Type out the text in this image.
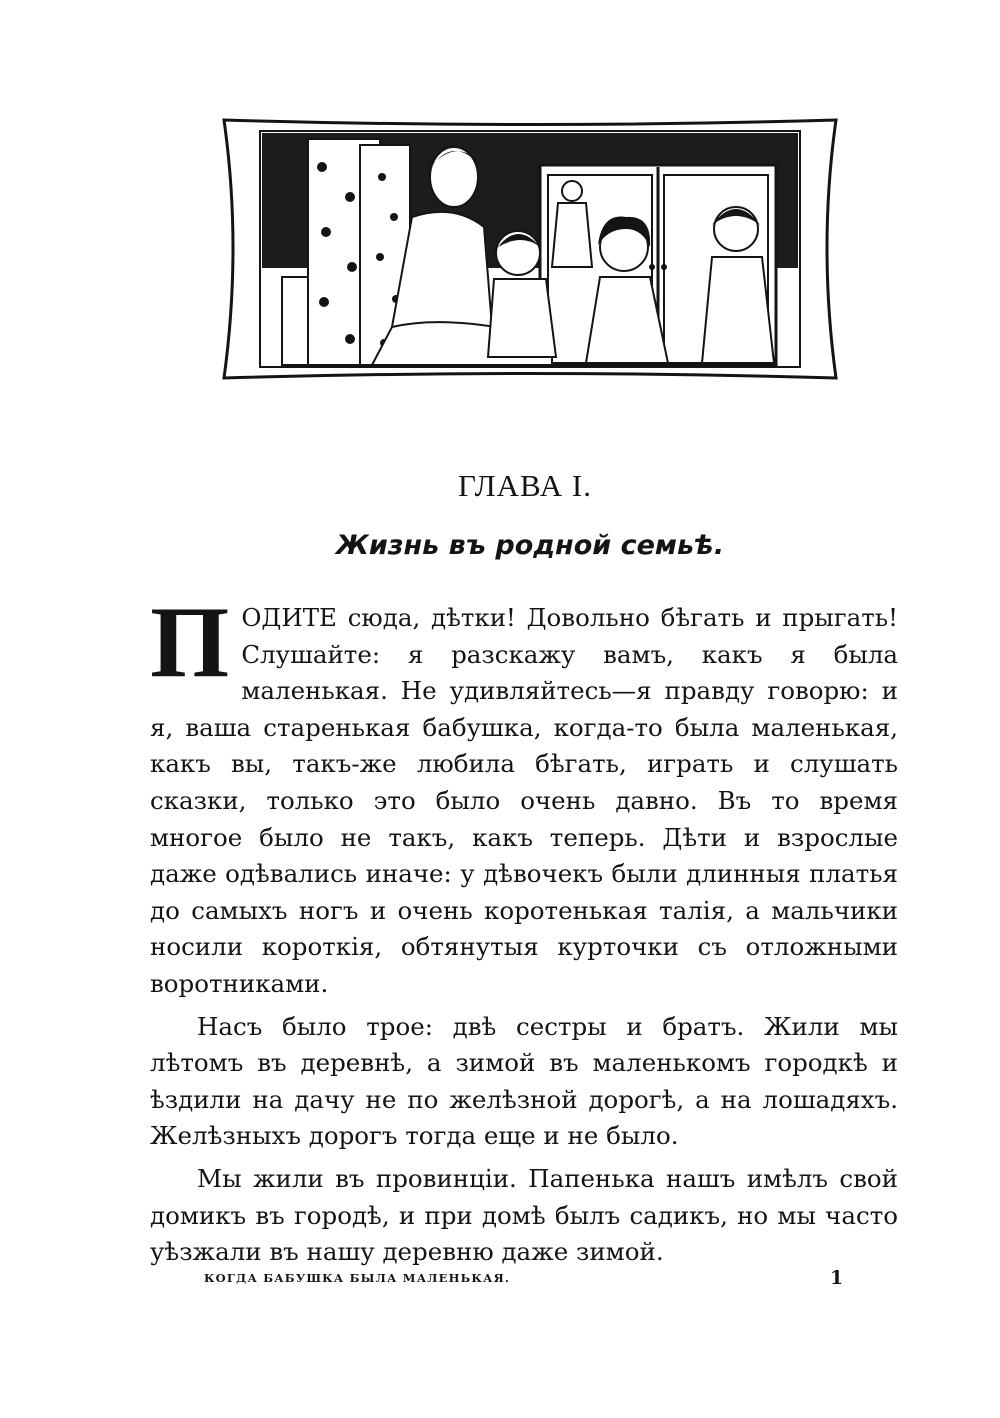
ГЛАВА I.
Жизнь въ родной семьѣ.

ПОДИТЕ сюда, дѣтки! Довольно бѣгать и прыгать! Слушайте: я разскажу вамъ, какъ я была маленькая. Не удивляйтесь—я правду говорю: и я, ваша старенькая бабушка, когда-то была маленькая, какъ вы, такъ-же любила бѣгать, играть и слушать сказки, только это было очень давно. Въ то время многое было не такъ, какъ теперь. Дѣти и взрослые даже одѣвались иначе: у дѣвочекъ были длинныя платья до самыхъ ногъ и очень коротенькая талія, а мальчики носили короткія, обтянутыя курточки съ отложными воротниками.

Насъ было трое: двѣ сестры и братъ. Жили мы лѣтомъ въ деревнѣ, а зимой въ маленькомъ городкѣ и ѣздили на дачу не по желѣзной дорогѣ, а на лошадяхъ. Желѣзныхъ дорогъ тогда еще и не было.

Мы жили въ провинціи. Папенька нашъ имѣлъ свой домикъ въ городѣ, и при домѣ былъ садикъ, но мы часто уѣзжали въ нашу деревню даже зимой.

КОГДА БАБУШКА БЫЛА МАЛЕНЬКАЯ.	1
